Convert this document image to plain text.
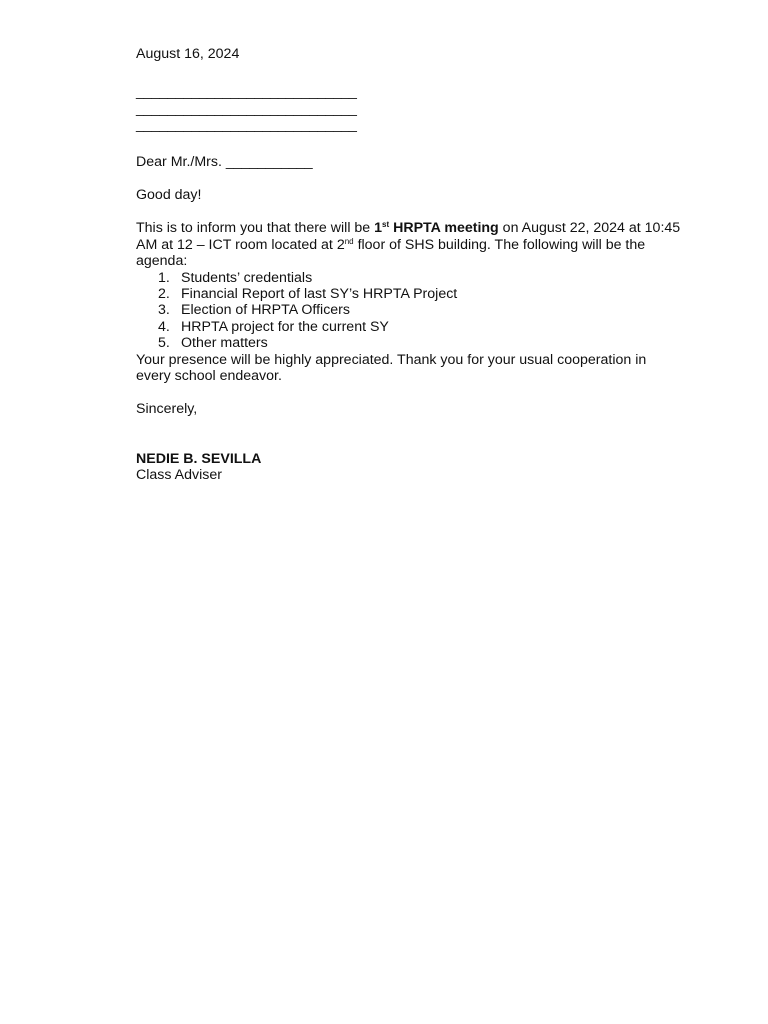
August 16, 2024
____________________________
____________________________
____________________________
Dear Mr./Mrs. ___________
Good day!
This is to inform you that there will be 1st HRPTA meeting on August 22, 2024 at 10:45 AM at 12 – ICT room located at 2nd floor of SHS building. The following will be the agenda:
1. Students’ credentials
2. Financial Report of last SY’s HRPTA Project
3. Election of HRPTA Officers
4. HRPTA project for the current SY
5. Other matters
Your presence will be highly appreciated. Thank you for your usual cooperation in every school endeavor.
Sincerely,
NEDIE B. SEVILLA
Class Adviser
